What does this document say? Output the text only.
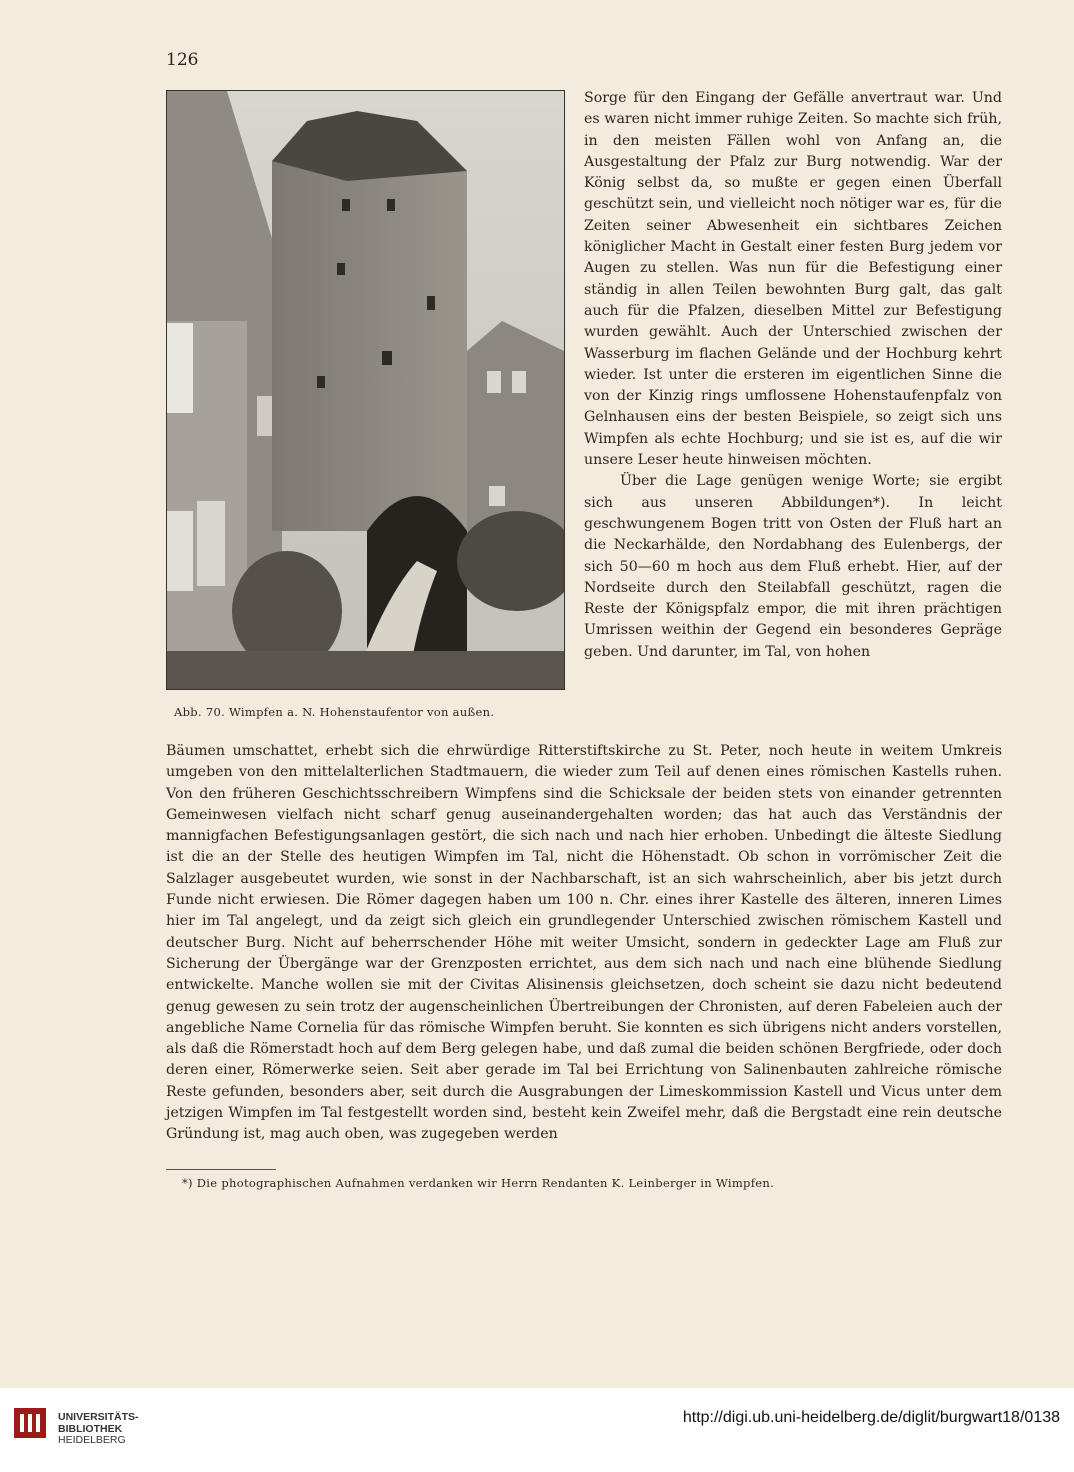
126
Abb. 70. Wimpfen a. N. Hohenstaufentor von außen.

Sorge für den Eingang der Gefälle anvertraut war. Und es waren nicht immer ruhige Zeiten. So machte sich früh, in den meisten Fällen wohl von Anfang an, die Ausgestaltung der Pfalz zur Burg notwendig. War der König selbst da, so mußte er gegen einen Überfall geschützt sein, und vielleicht noch nötiger war es, für die Zeiten seiner Abwesenheit ein sichtbares Zeichen königlicher Macht in Gestalt einer festen Burg jedem vor Augen zu stellen. Was nun für die Befestigung einer ständig in allen Teilen bewohnten Burg galt, das galt auch für die Pfalzen, dieselben Mittel zur Befestigung wurden gewählt. Auch der Unterschied zwischen der Wasserburg im flachen Gelände und der Hochburg kehrt wieder. Ist unter die ersteren im eigentlichen Sinne die von der Kinzig rings umflossene Hohenstaufenpfalz von Gelnhausen eins der besten Beispiele, so zeigt sich uns Wimpfen als echte Hochburg; und sie ist es, auf die wir unsere Leser heute hinweisen möchten.

Über die Lage genügen wenige Worte; sie ergibt sich aus unseren Abbildungen*). In leicht geschwungenem Bogen tritt von Osten der Fluß hart an die Neckarhälde, den Nordabhang des Eulenbergs, der sich 50—60 m hoch aus dem Fluß erhebt. Hier, auf der Nordseite durch den Steilabfall geschützt, ragen die Reste der Königspfalz empor, die mit ihren prächtigen Umrissen weithin der Gegend ein besonderes Gepräge geben. Und darunter, im Tal, von hohen

Bäumen umschattet, erhebt sich die ehrwürdige Ritterstiftskirche zu St. Peter, noch heute in weitem Umkreis umgeben von den mittelalterlichen Stadtmauern, die wieder zum Teil auf denen eines römischen Kastells ruhen. Von den früheren Geschichtsschreibern Wimpfens sind die Schicksale der beiden stets von einander getrennten Gemeinwesen vielfach nicht scharf genug auseinandergehalten worden; das hat auch das Verständnis der mannigfachen Befestigungsanlagen gestört, die sich nach und nach hier erhoben. Unbedingt die älteste Siedlung ist die an der Stelle des heutigen Wimpfen im Tal, nicht die Höhenstadt. Ob schon in vorrömischer Zeit die Salzlager ausgebeutet wurden, wie sonst in der Nachbarschaft, ist an sich wahrscheinlich, aber bis jetzt durch Funde nicht erwiesen. Die Römer dagegen haben um 100 n. Chr. eines ihrer Kastelle des älteren, inneren Limes hier im Tal angelegt, und da zeigt sich gleich ein grundlegender Unterschied zwischen römischem Kastell und deutscher Burg. Nicht auf beherrschender Höhe mit weiter Umsicht, sondern in gedeckter Lage am Fluß zur Sicherung der Übergänge war der Grenzposten errichtet, aus dem sich nach und nach eine blühende Siedlung entwickelte. Manche wollen sie mit der Civitas Alisinensis gleichsetzen, doch scheint sie dazu nicht bedeutend genug gewesen zu sein trotz der augenscheinlichen Übertreibungen der Chronisten, auf deren Fabeleien auch der angebliche Name Cornelia für das römische Wimpfen beruht. Sie konnten es sich übrigens nicht anders vorstellen, als daß die Römerstadt hoch auf dem Berg gelegen habe, und daß zumal die beiden schönen Bergfriede, oder doch deren einer, Römerwerke seien. Seit aber gerade im Tal bei Errichtung von Salinenbauten zahlreiche römische Reste gefunden, besonders aber, seit durch die Ausgrabungen der Limeskommission Kastell und Vicus unter dem jetzigen Wimpfen im Tal festgestellt worden sind, besteht kein Zweifel mehr, daß die Bergstadt eine rein deutsche Gründung ist, mag auch oben, was zugegeben werden

*) Die photographischen Aufnahmen verdanken wir Herrn Rendanten K. Leinberger in Wimpfen.
UNIVERSITÄTS-
BIBLIOTHEK
HEIDELBERG
http://digi.ub.uni-heidelberg.de/diglit/burgwart18/0138
